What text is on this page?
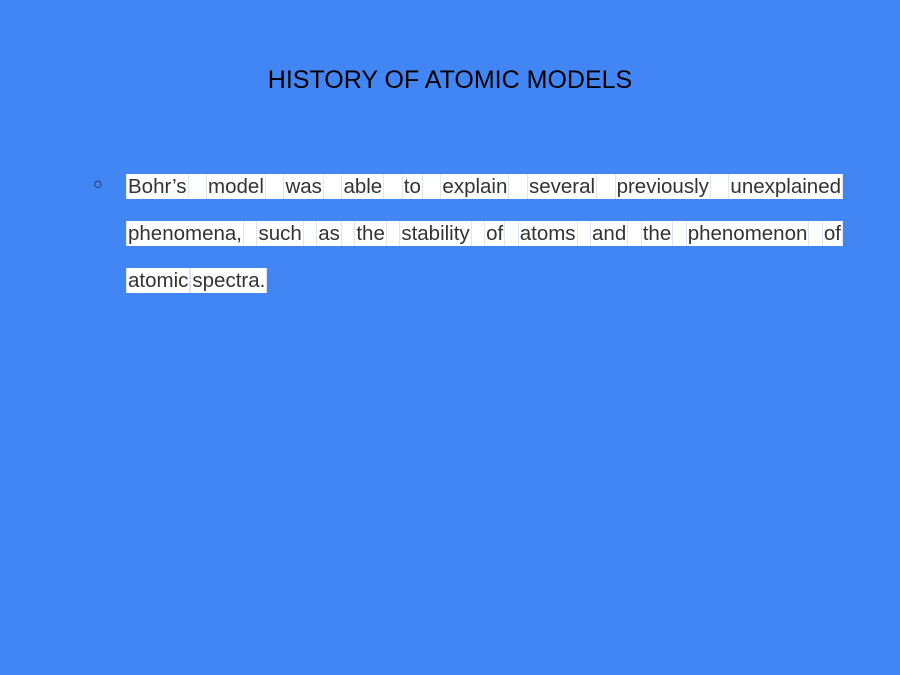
HISTORY OF ATOMIC MODELS
○ Bohr’s model was able to explain several previously unexplained
phenomena, such as the stability of atoms and the phenomenon of
atomic spectra.
